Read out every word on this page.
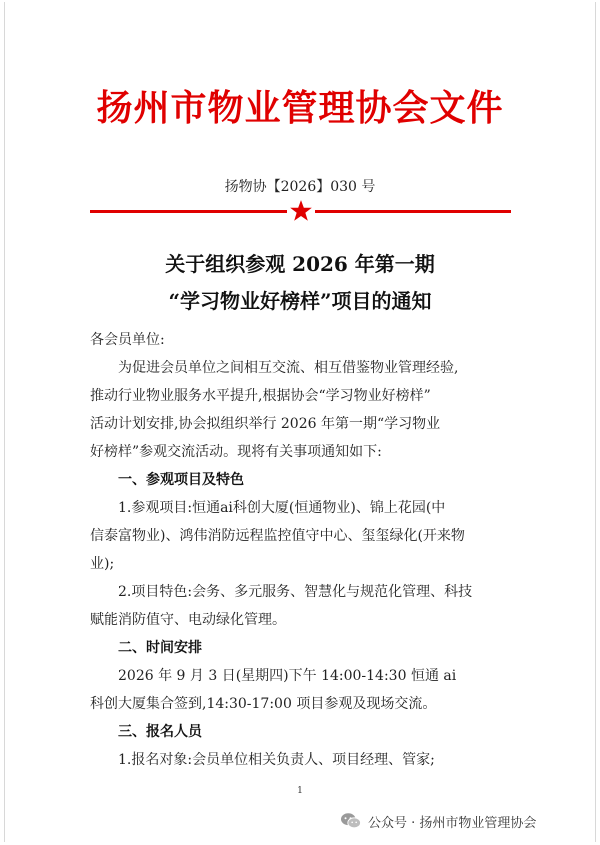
扬州市物业管理协会文件
扬物协【2026】030 号
关于组织参观 2026 年第一期
“学习物业好榜样”项目的通知
各会员单位:
为促进会员单位之间相互交流、相互借鉴物业管理经验,
推动行业物业服务水平提升,根据协会“学习物业好榜样”
活动计划安排,协会拟组织举行 2026 年第一期“学习物业
好榜样”参观交流活动。现将有关事项通知如下:
一、参观项目及特色
1.参观项目:恒通ai科创大厦(恒通物业)、锦上花园(中
信泰富物业)、鸿伟消防远程监控值守中心、玺玺绿化(开来物
业);
2.项目特色:会务、多元服务、智慧化与规范化管理、科技
赋能消防值守、电动绿化管理。
二、时间安排
2026 年 9 月 3 日(星期四)下午 14:00-14:30 恒通 ai
科创大厦集合签到,14:30-17:00 项目参观及现场交流。
三、报名人员
1.报名对象:会员单位相关负责人、项目经理、管家;
1
公众号 · 扬州市物业管理协会
